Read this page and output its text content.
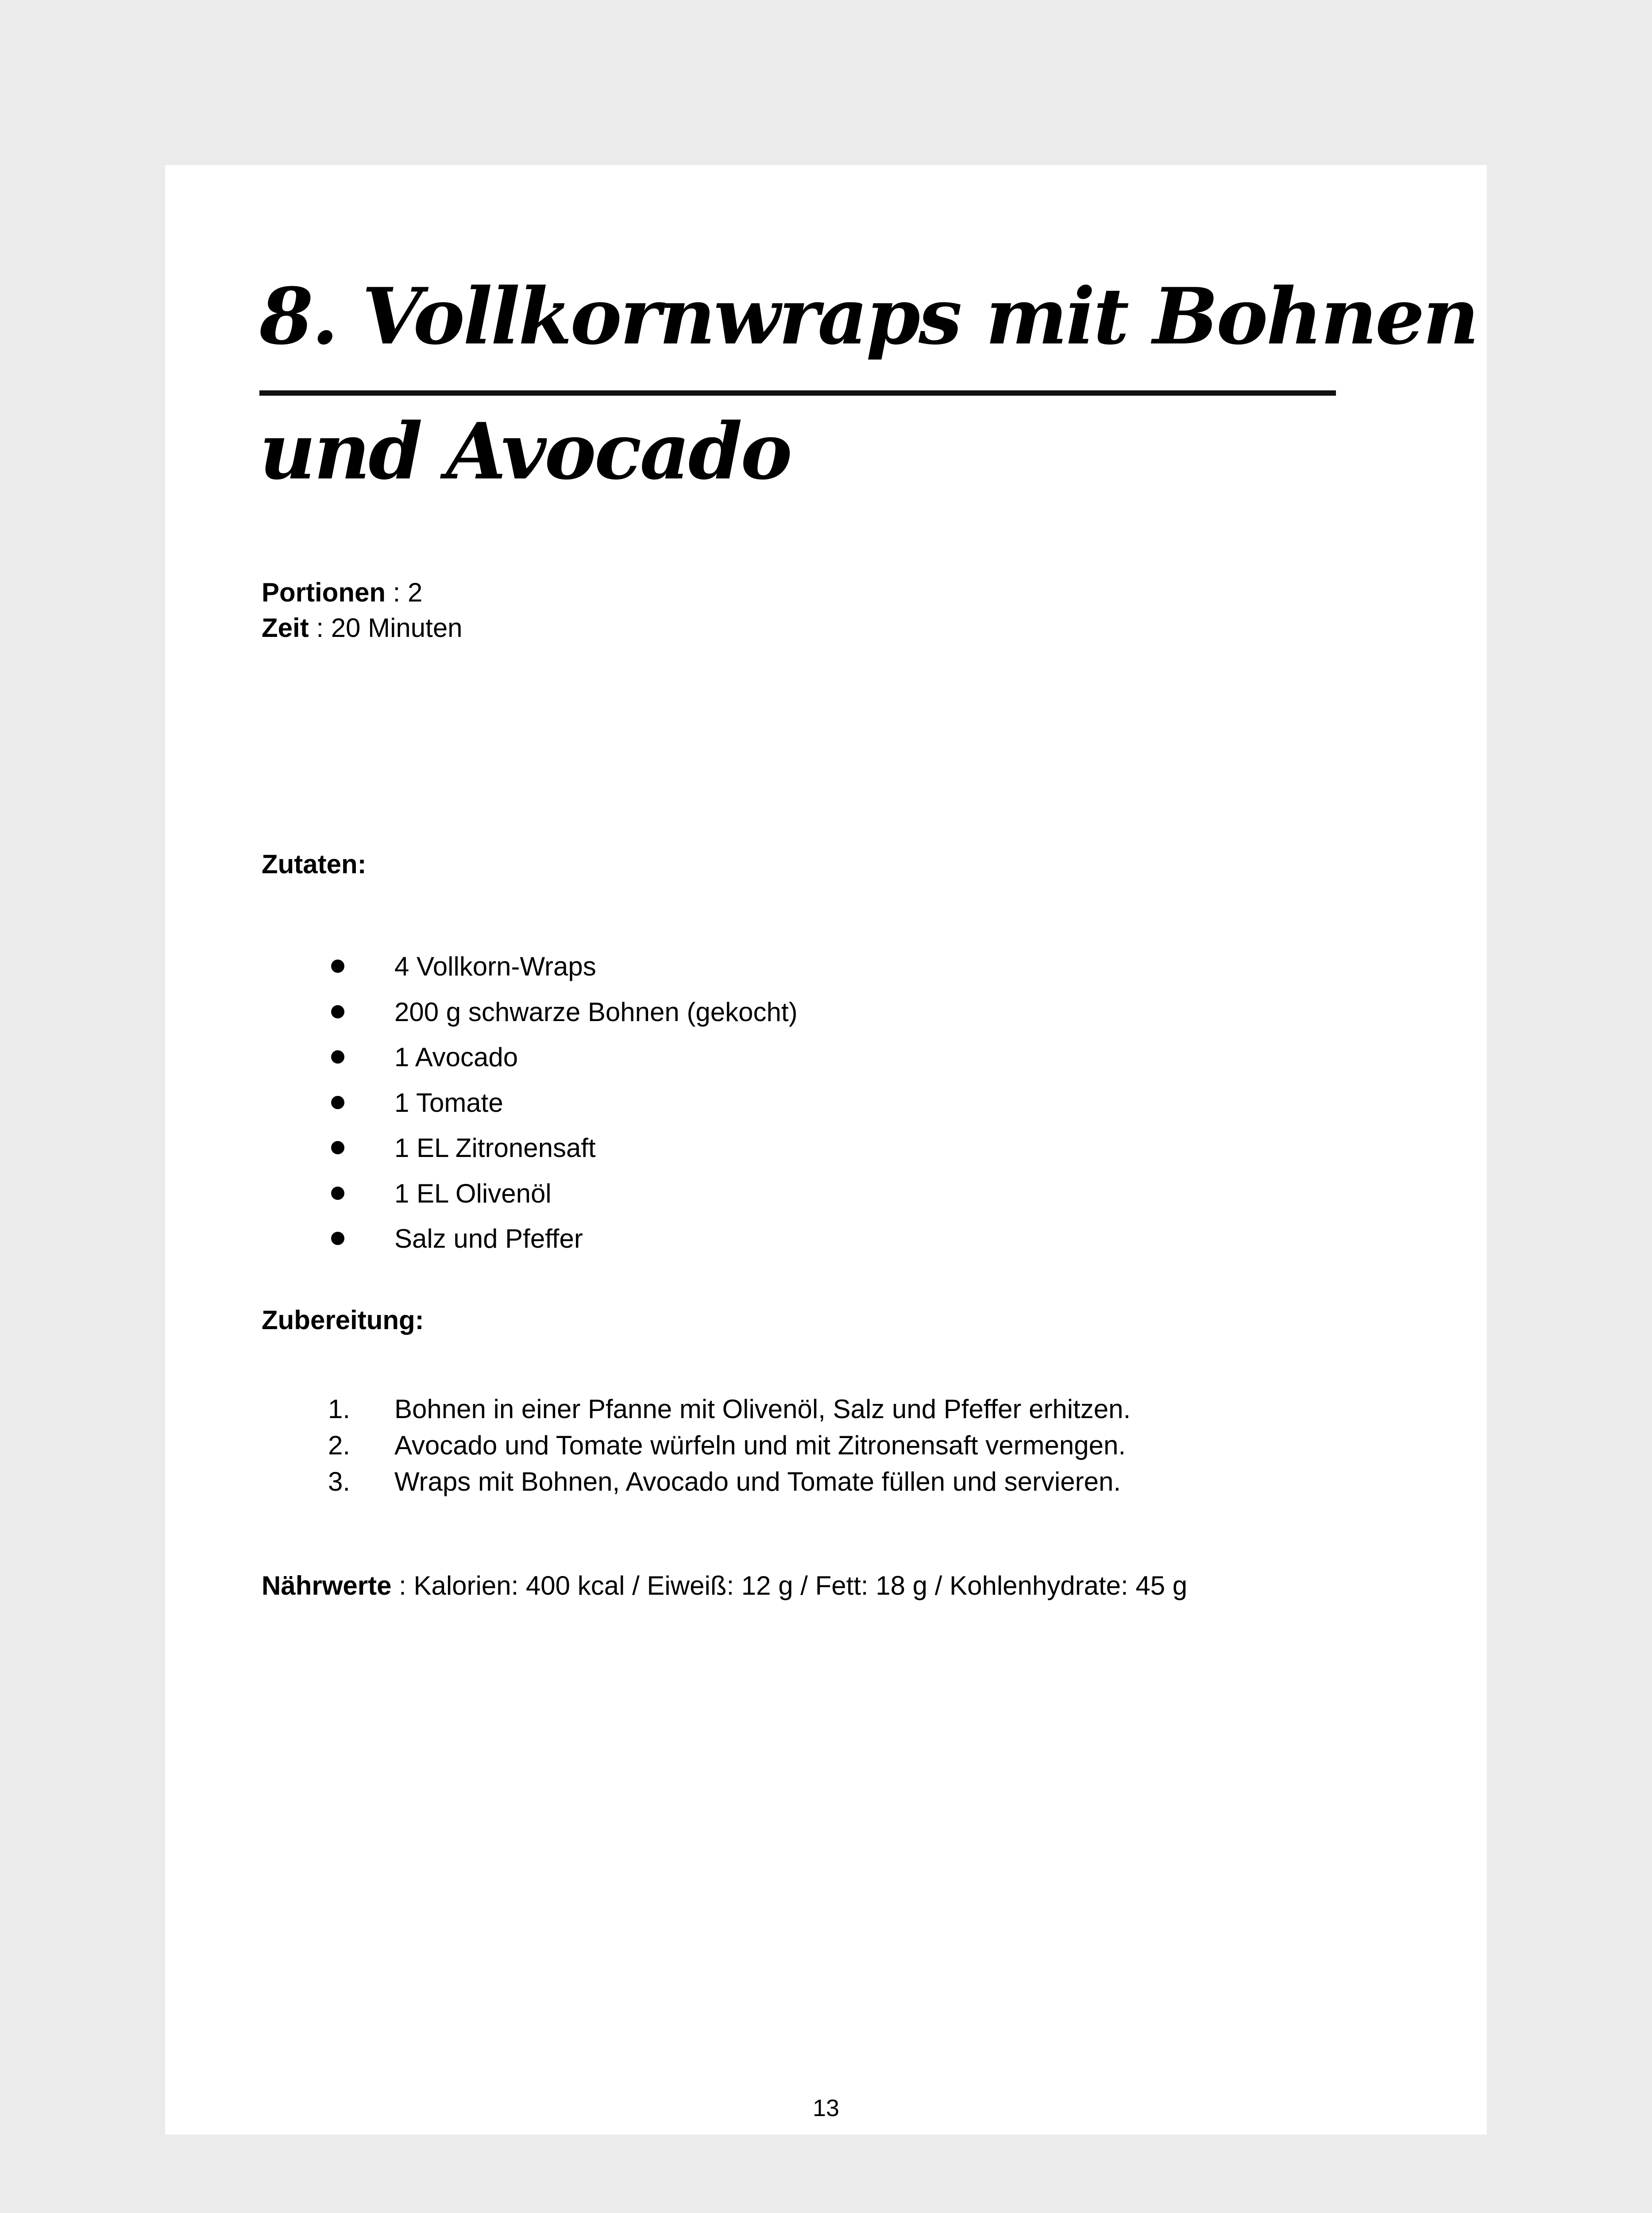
8. Vollkornwraps mit Bohnen
und Avocado
Portionen : 2
Zeit : 20 Minuten
Zutaten:
4 Vollkorn-Wraps
200 g schwarze Bohnen (gekocht)
1 Avocado
1 Tomate
1 EL Zitronensaft
1 EL Olivenöl
Salz und Pfeffer
Zubereitung:
1. Bohnen in einer Pfanne mit Olivenöl, Salz und Pfeffer erhitzen.
2. Avocado und Tomate würfeln und mit Zitronensaft vermengen.
3. Wraps mit Bohnen, Avocado und Tomate füllen und servieren.
Nährwerte : Kalorien: 400 kcal / Eiweiß: 12 g / Fett: 18 g / Kohlenhydrate: 45 g
13
